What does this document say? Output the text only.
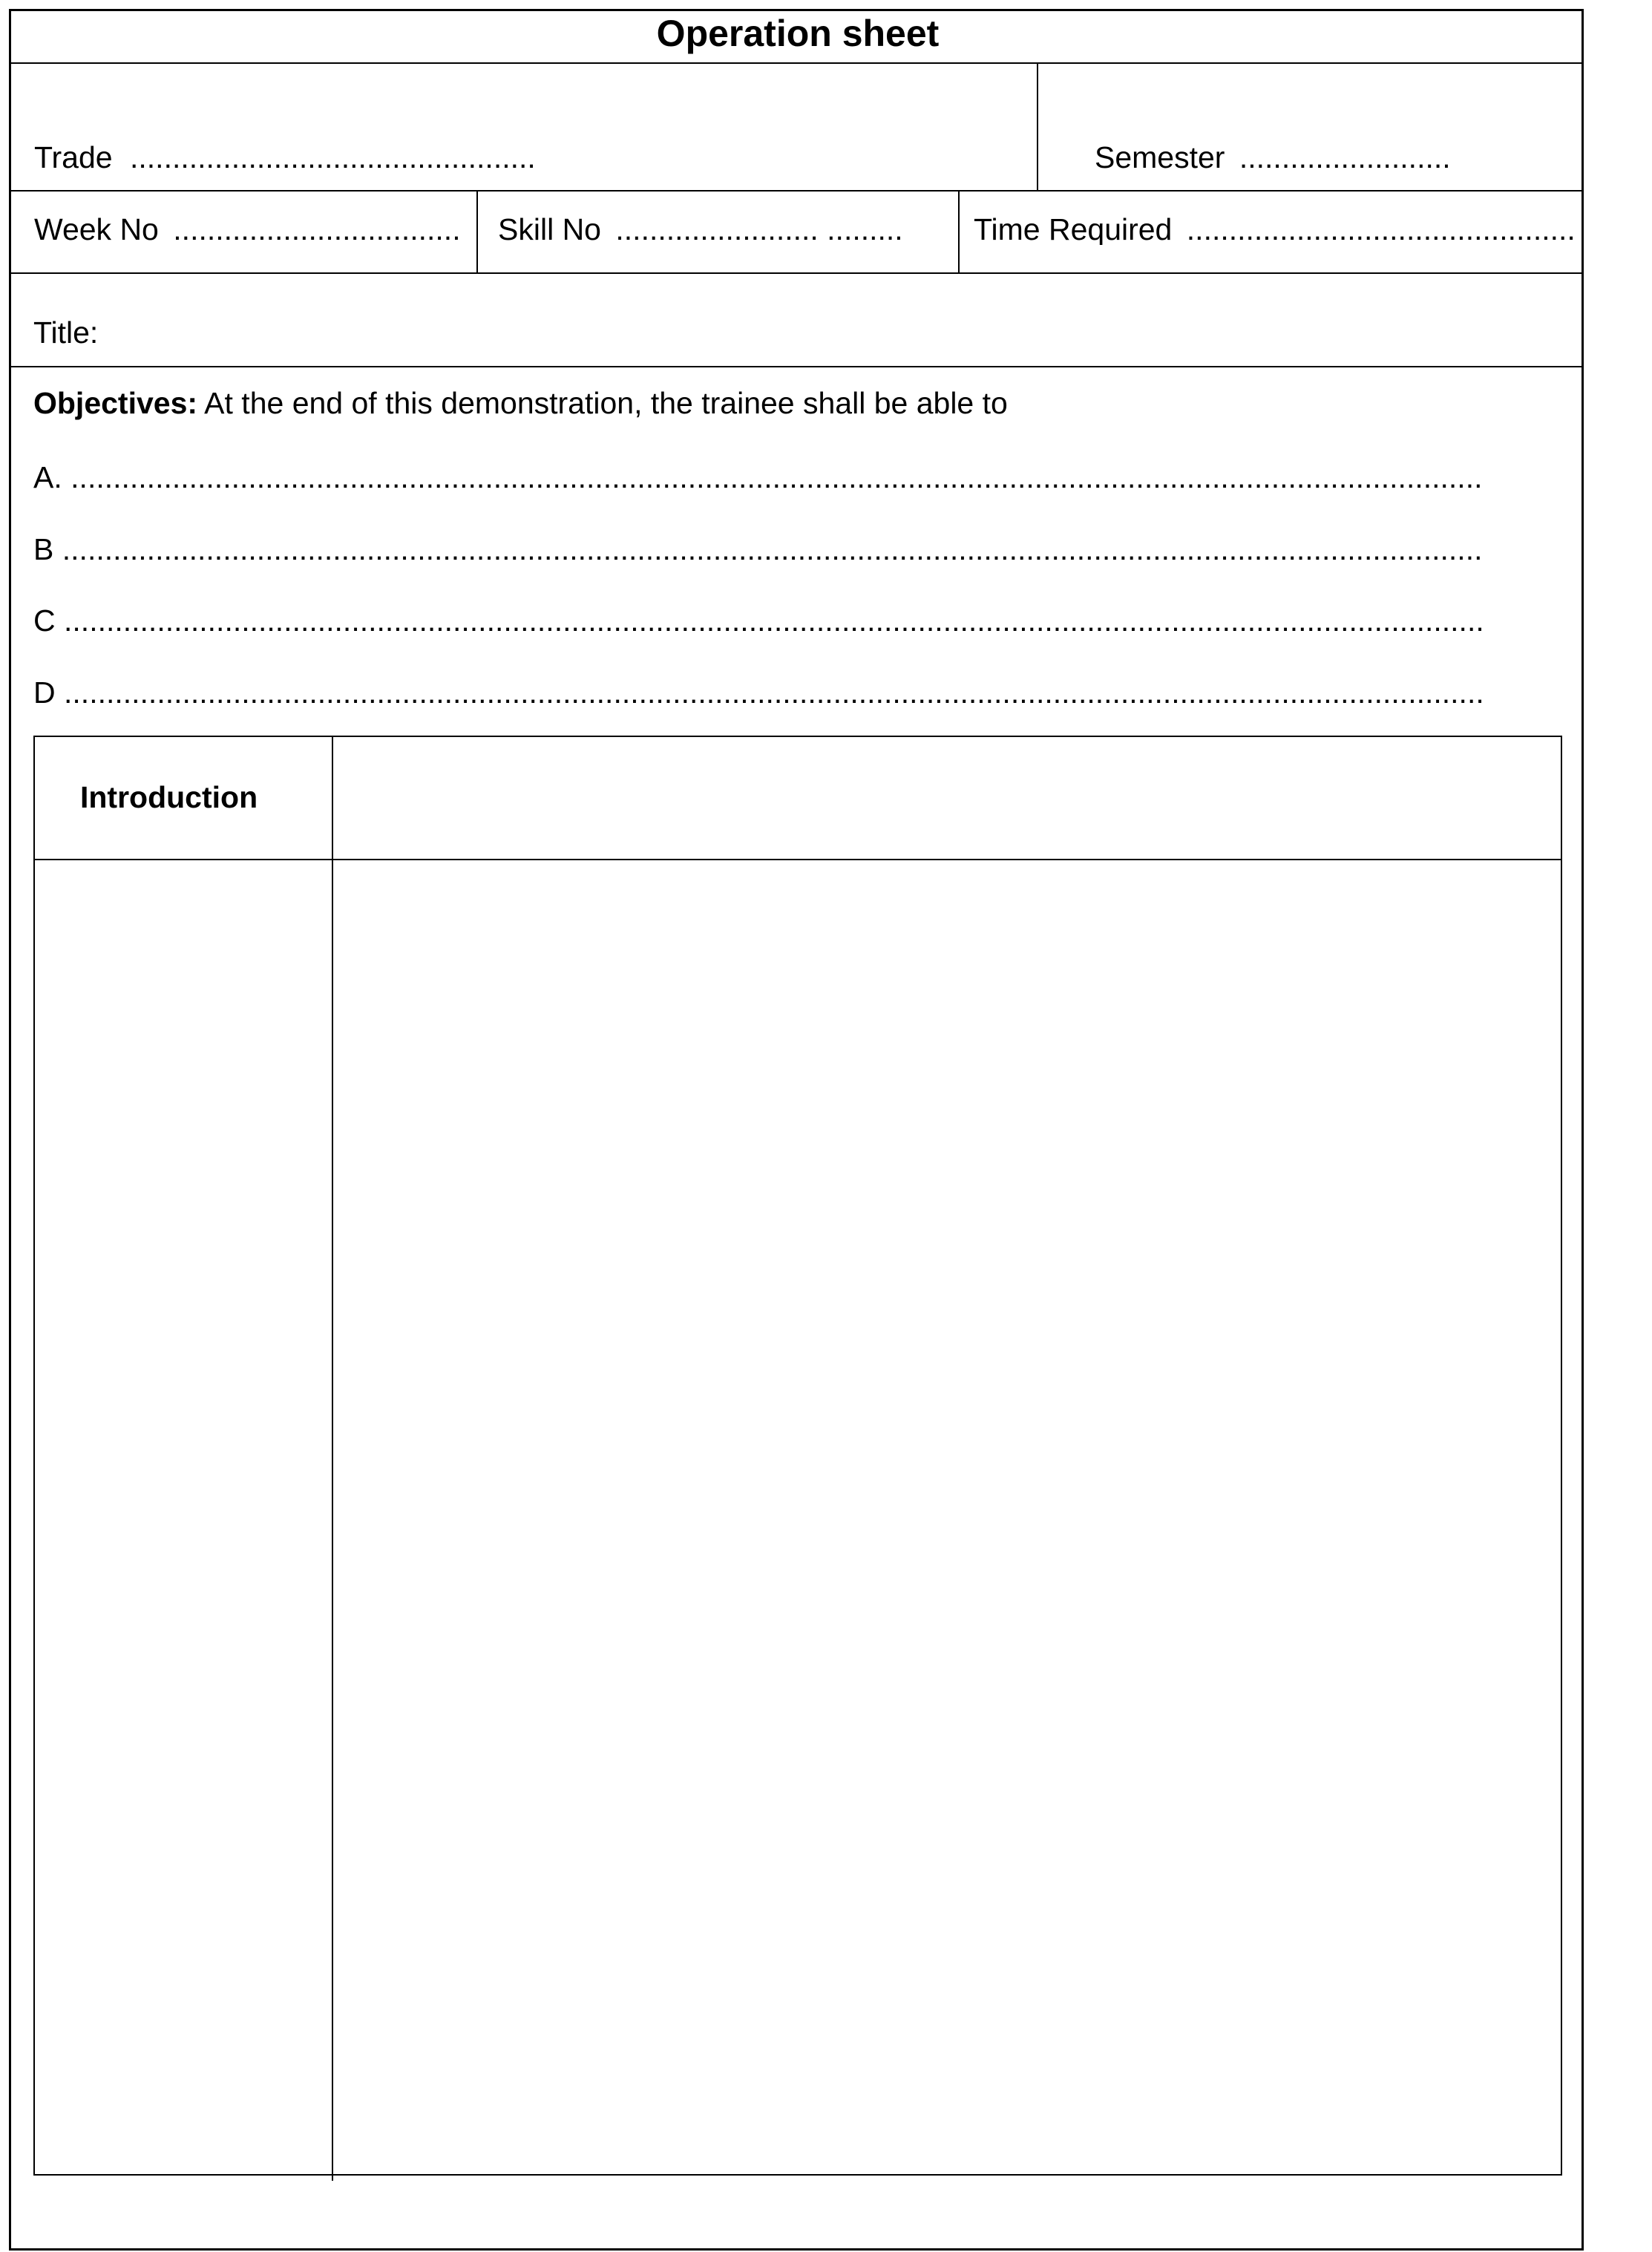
Operation sheet
Trade ................................................	Semester .........................
Week No .................................. Skill No ........................ .........	Time Required ..............................................
Title:
Objectives: At the end of this demonstration, the trainee shall be able to
A. .......................................................................................................................................................................
B ........................................................................................................................................................................
C ........................................................................................................................................................................
D ........................................................................................................................................................................
Introduction
